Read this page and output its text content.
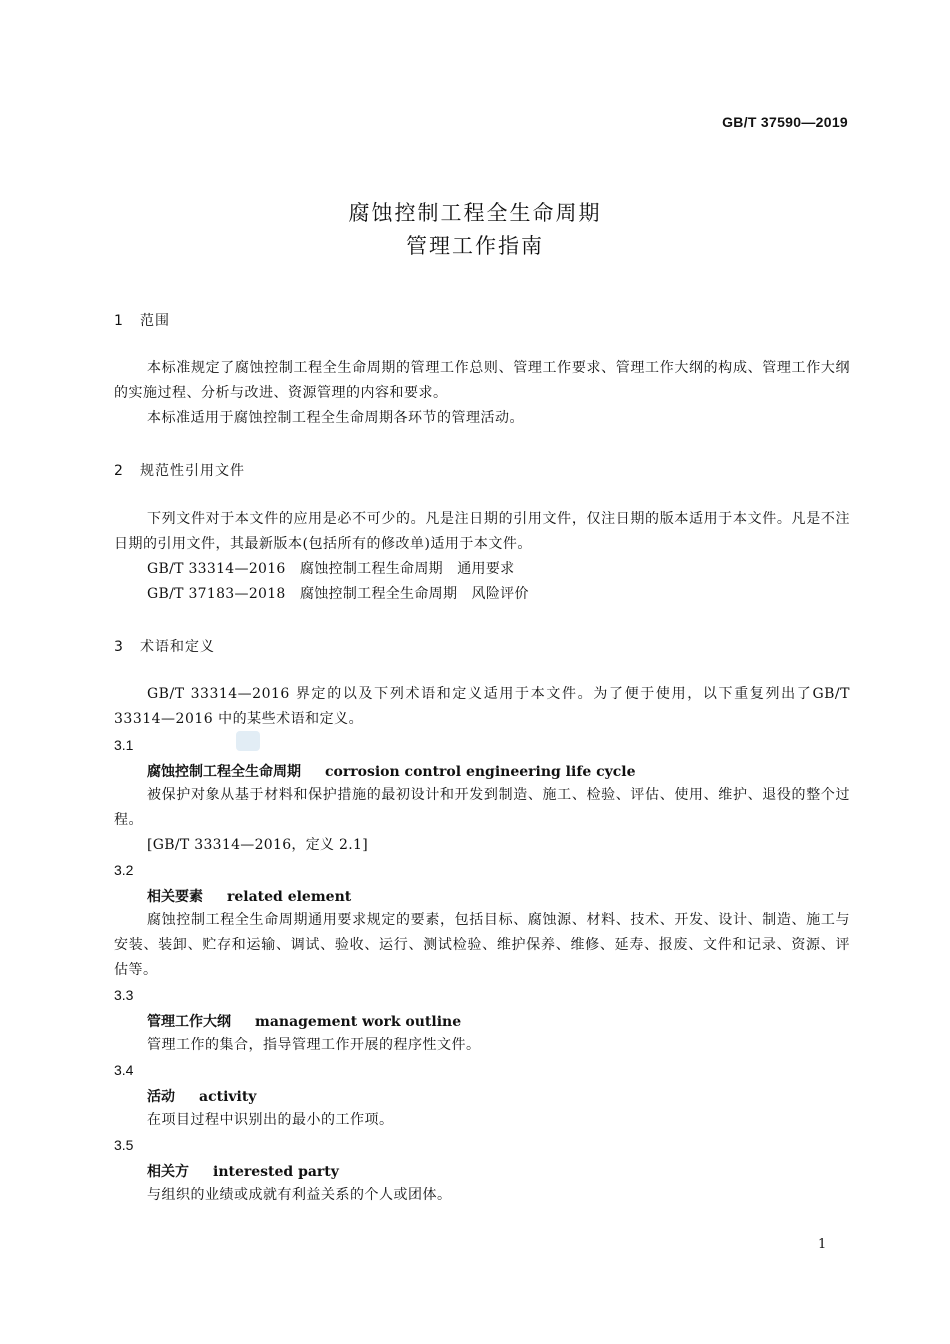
GB/T 37590—2019
腐蚀控制工程全生命周期
管理工作指南
1 范围

本标准规定了腐蚀控制工程全生命周期的管理工作总则、管理工作要求、管理工作大纲的构成、管理工作大纲的实施过程、分析与改进、资源管理的内容和要求。

本标准适用于腐蚀控制工程全生命周期各环节的管理活动。

2 规范性引用文件

下列文件对于本文件的应用是必不可少的。凡是注日期的引用文件，仅注日期的版本适用于本文件。凡是不注日期的引用文件，其最新版本(包括所有的修改单)适用于本文件。

GB/T 33314—2016　腐蚀控制工程生命周期　通用要求

GB/T 37183—2018　腐蚀控制工程全生命周期　风险评价

3 术语和定义

GB/T 33314—2016 界定的以及下列术语和定义适用于本文件。为了便于使用，以下重复列出了GB/T 33314—2016 中的某些术语和定义。

3.1
腐蚀控制工程全生命周期 corrosion control engineering life cycle

被保护对象从基于材料和保护措施的最初设计和开发到制造、施工、检验、评估、使用、维护、退役的整个过程。

[GB/T 33314—2016，定义 2.1]

3.2
相关要素 related element

腐蚀控制工程全生命周期通用要求规定的要素，包括目标、腐蚀源、材料、技术、开发、设计、制造、施工与安装、装卸、贮存和运输、调试、验收、运行、测试检验、维护保养、维修、延寿、报废、文件和记录、资源、评估等。

3.3
管理工作大纲 management work outline

管理工作的集合，指导管理工作开展的程序性文件。

3.4
活动 activity

在项目过程中识别出的最小的工作项。

3.5
相关方 interested party

与组织的业绩或成就有利益关系的个人或团体。

1
